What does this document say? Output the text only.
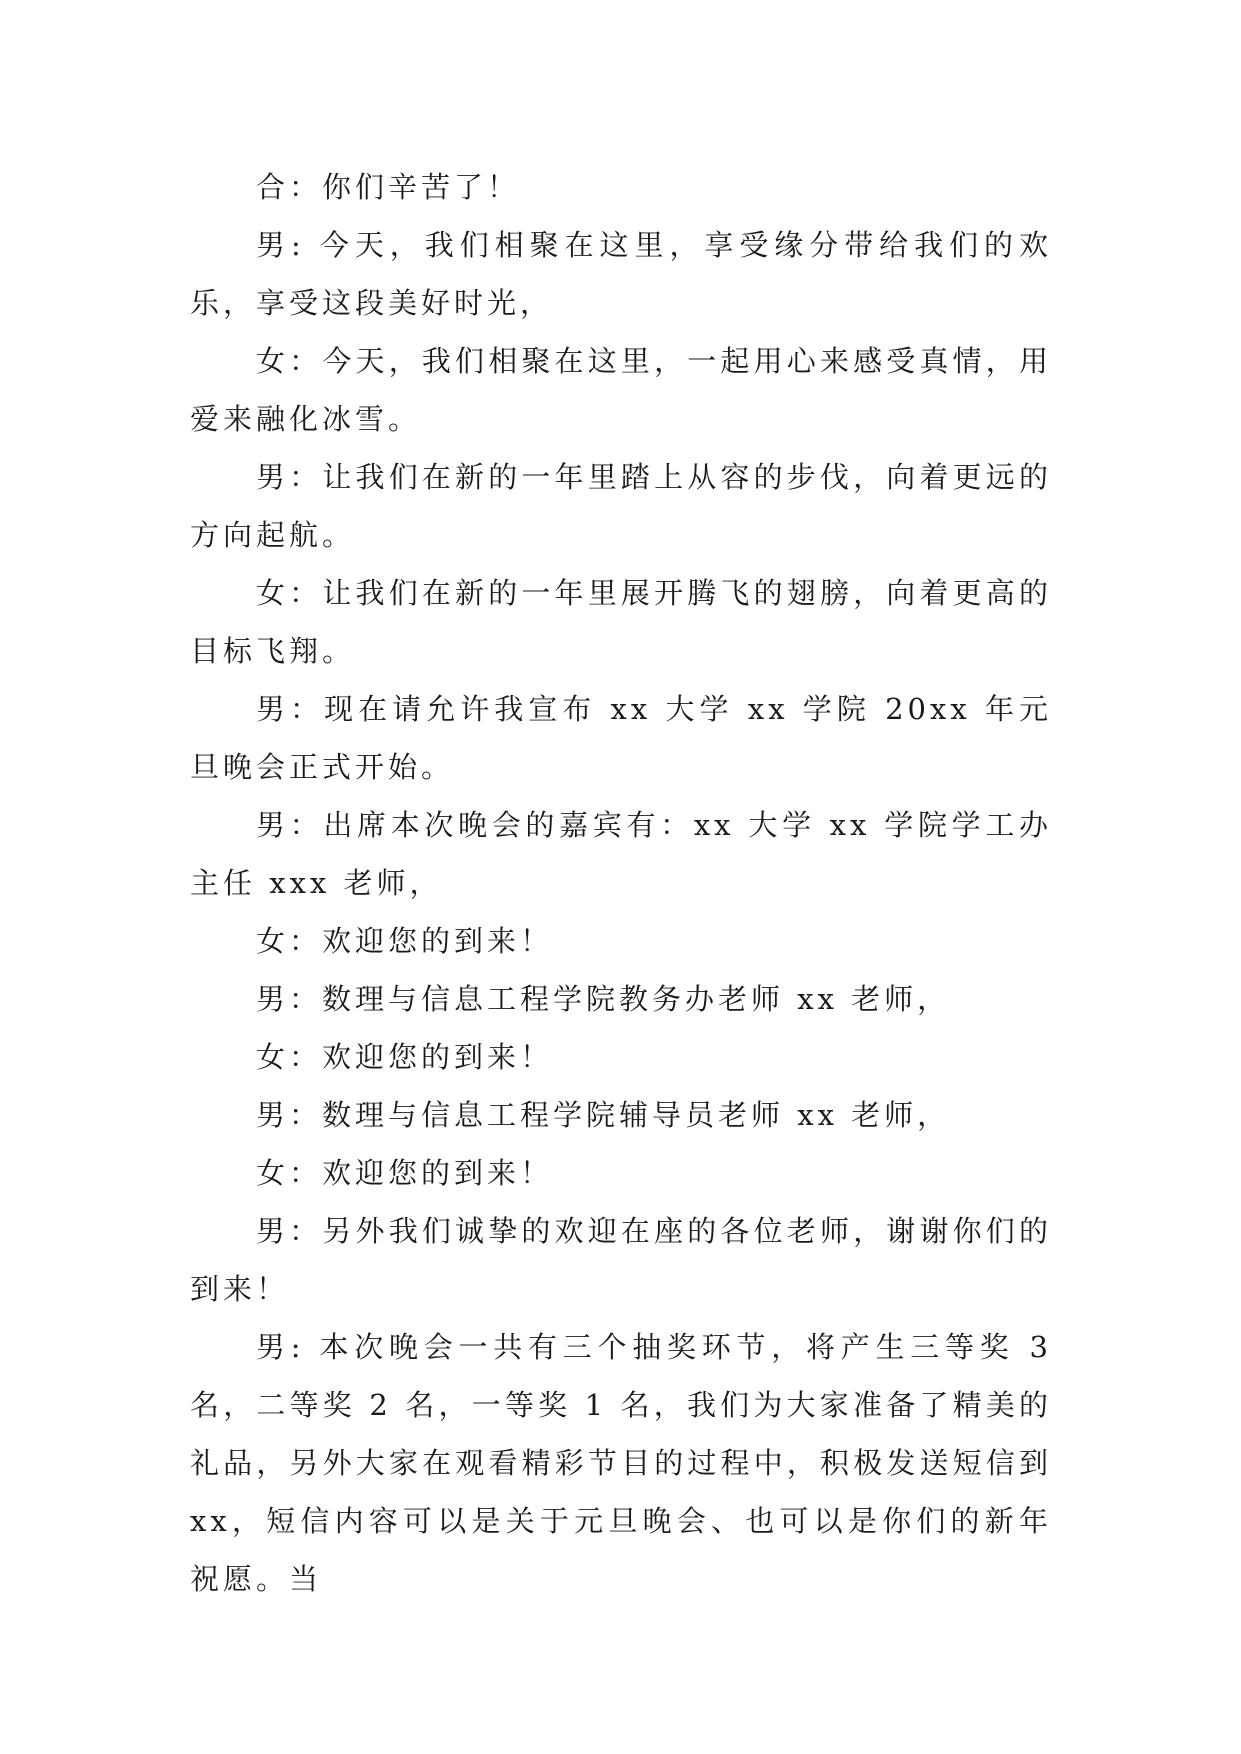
合：你们辛苦了！

男: 今天，我们相聚在这里，享受缘分带给我们的欢乐，享受这段美好时光，

女：今天，我们相聚在这里，一起用心来感受真情，用爱来融化冰雪。

男：让我们在新的一年里踏上从容的步伐，向着更远的方向起航。

女：让我们在新的一年里展开腾飞的翅膀，向着更高的目标飞翔。

男：现在请允许我宣布 xx 大学 xx 学院 20xx 年元旦晚会正式开始。

男：出席本次晚会的嘉宾有：xx 大学 xx 学院学工办主任 xxx 老师，

女：欢迎您的到来！

男：数理与信息工程学院教务办老师 xx 老师，

女：欢迎您的到来！

男：数理与信息工程学院辅导员老师 xx 老师，

女：欢迎您的到来！

男：另外我们诚挚的欢迎在座的各位老师，谢谢你们的到来！

男: 本次晚会一共有三个抽奖环节，将产生三等奖 3 名，二等奖 2 名，一等奖 1 名，我们为大家准备了精美的礼品，另外大家在观看精彩节目的过程中，积极发送短信到 xx，短信内容可以是关于元旦晚会、也可以是你们的新年祝愿。当
